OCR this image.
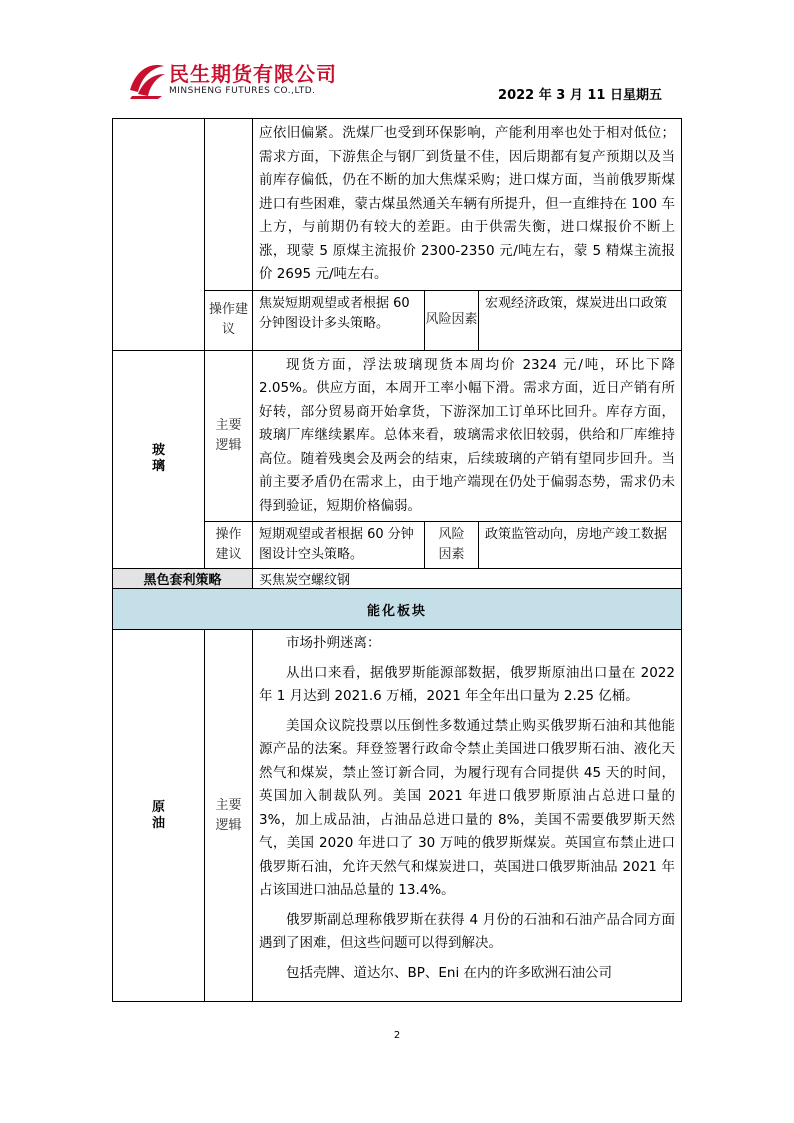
民生期货有限公司
MINSHENG FUTURES CO.,LTD.	2022 年 3 月 11 日星期五

		应依旧偏紧。洗煤厂也受到环保影响，产能利用率也处于相对低位；需求方面，下游焦企与钢厂到货量不佳，因后期都有复产预期以及当前库存偏低，仍在不断的加大焦煤采购；进口煤方面，当前俄罗斯煤进口有些困难，蒙古煤虽然通关车辆有所提升，但一直维持在 100 车上方，与前期仍有较大的差距。由于供需失衡，进口煤报价不断上涨，现蒙 5 原煤主流报价 2300-2350 元/吨左右，蒙 5 精煤主流报价 2695 元/吨左右。		

	操作建议	焦炭短期观望或者根据 60 分钟图设计多头策略。	风险因素	宏观经济政策，煤炭进出口政策

玻璃	主要逻辑	现货方面，浮法玻璃现货本周均价 2324 元/吨，环比下降 2.05%。供应方面，本周开工率小幅下滑。需求方面，近日产销有所好转，部分贸易商开始拿货，下游深加工订单环比回升。库存方面，玻璃厂库继续累库。总体来看，玻璃需求依旧较弱，供给和厂库维持高位。随着残奥会及两会的结束，后续玻璃的产销有望同步回升。当前主要矛盾仍在需求上，由于地产端现在仍处于偏弱态势，需求仍未得到验证，短期价格偏弱。		

	操作建议	短期观望或者根据 60 分钟图设计空头策略。	风险因素	政策监管动向，房地产竣工数据
黑色套利策略		买焦炭空螺纹钢		
能化板块				

原油	主要逻辑	市场扑朔迷离：

从出口来看，据俄罗斯能源部数据，俄罗斯原油出口量在 2022 年 1 月达到 2021.6 万桶，2021 年全年出口量为 2.25 亿桶。

美国众议院投票以压倒性多数通过禁止购买俄罗斯石油和其他能源产品的法案。拜登签署行政命令禁止美国进口俄罗斯石油、液化天然气和煤炭，禁止签订新合同，为履行现有合同提供 45 天的时间，英国加入制裁队列。美国 2021 年进口俄罗斯原油占总进口量的 3%，加上成品油，占油品总进口量的 8%，美国不需要俄罗斯天然气，美国 2020 年进口了 30 万吨的俄罗斯煤炭。英国宣布禁止进口俄罗斯石油，允许天然气和煤炭进口，英国进口俄罗斯油品 2021 年占该国进口油品总量的 13.4%。

俄罗斯副总理称俄罗斯在获得 4 月份的石油和石油产品合同方面遇到了困难，但这些问题可以得到解决。

包括壳牌、道达尔、BP、Eni 在内的许多欧洲石油公司		

2
